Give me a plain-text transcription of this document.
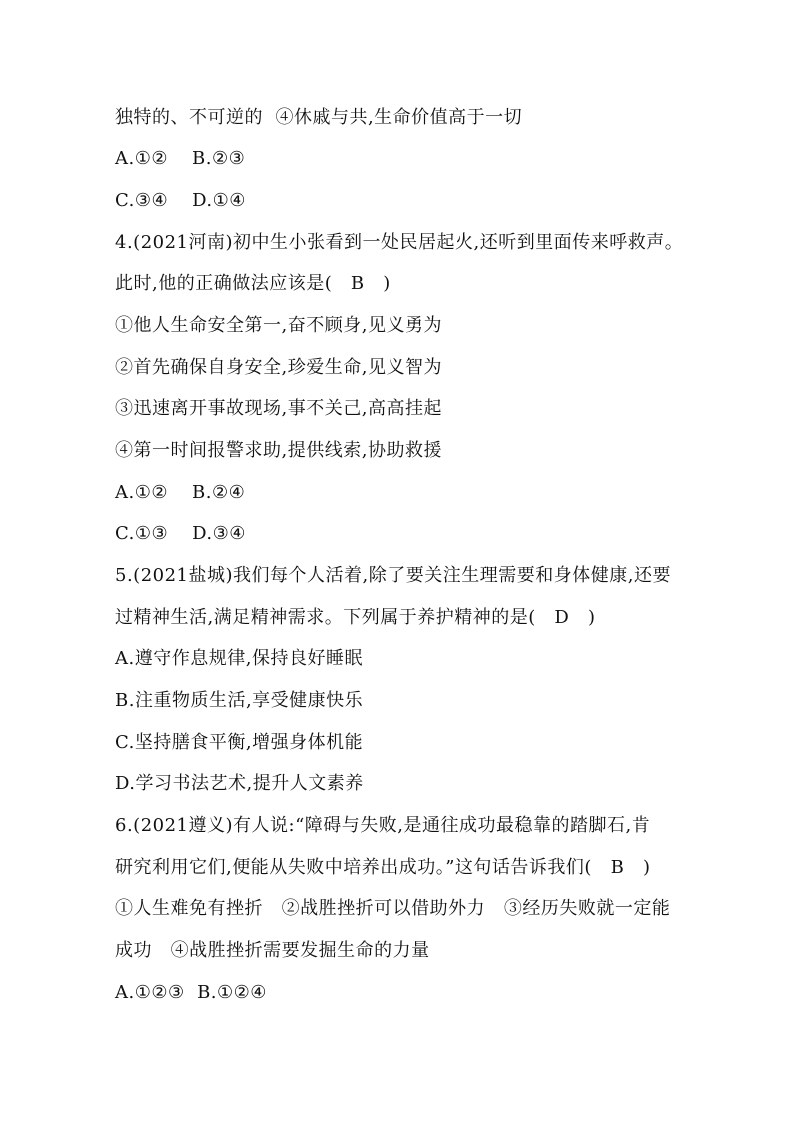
独特的、不可逆的  ④休戚与共,生命价值高于一切
A.①② B.②③
C.③④ D.①④
4.(2021河南)初中生小张看到一处民居起火,还听到里面传来呼救声。
此时,他的正确做法应该是(   B   )
①他人生命安全第一,奋不顾身,见义勇为
②首先确保自身安全,珍爱生命,见义智为
③迅速离开事故现场,事不关己,高高挂起
④第一时间报警求助,提供线索,协助救援
A.①② B.②④
C.①③ D.③④
5.(2021盐城)我们每个人活着,除了要关注生理需要和身体健康,还要
过精神生活,满足精神需求。下列属于养护精神的是(   D   )
A.遵守作息规律,保持良好睡眠
B.注重物质生活,享受健康快乐
C.坚持膳食平衡,增强身体机能
D.学习书法艺术,提升人文素养
6.(2021遵义)有人说:“障碍与失败,是通往成功最稳靠的踏脚石,肯
研究利用它们,便能从失败中培养出成功。”这句话告诉我们(   B   )
①人生难免有挫折   ②战胜挫折可以借助外力   ③经历失败就一定能
成功   ④战胜挫折需要发掘生命的力量
A.①②③  B.①②④
